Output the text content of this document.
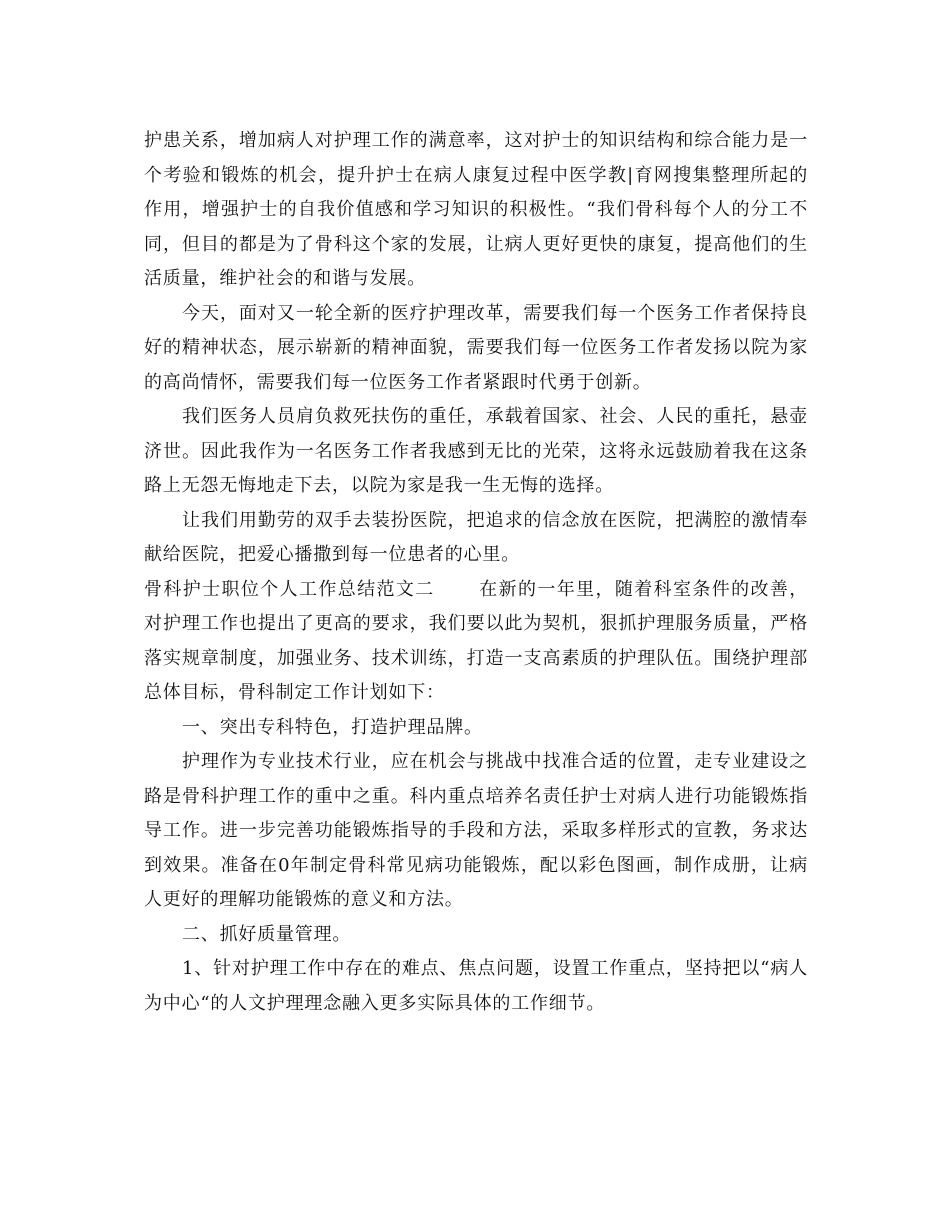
护患关系，增加病人对护理工作的满意率，这对护士的知识结构和综合能力是一个考验和锻炼的机会，提升护士在病人康复过程中医学教|育网搜集整理所起的作用，增强护士的自我价值感和学习知识的积极性。“我们骨科每个人的分工不同，但目的都是为了骨科这个家的发展，让病人更好更快的康复，提高他们的生活质量，维护社会的和谐与发展。

今天，面对又一轮全新的医疗护理改革，需要我们每一个医务工作者保持良好的精神状态，展示崭新的精神面貌，需要我们每一位医务工作者发扬以院为家的高尚情怀，需要我们每一位医务工作者紧跟时代勇于创新。

我们医务人员肩负救死扶伤的重任，承载着国家、社会、人民的重托，悬壶济世。因此我作为一名医务工作者我感到无比的光荣，这将永远鼓励着我在这条路上无怨无悔地走下去，以院为家是我一生无悔的选择。

让我们用勤劳的双手去装扮医院，把追求的信念放在医院，把满腔的激情奉献给医院，把爱心播撒到每一位患者的心里。

骨科护士职位个人工作总结范文二 在新的一年里，随着科室条件的改善，对护理工作也提出了更高的要求，我们要以此为契机，狠抓护理服务质量，严格落实规章制度，加强业务、技术训练，打造一支高素质的护理队伍。围绕护理部总体目标，骨科制定工作计划如下：

一、突出专科特色，打造护理品牌。

护理作为专业技术行业，应在机会与挑战中找准合适的位置，走专业建设之路是骨科护理工作的重中之重。科内重点培养名责任护士对病人进行功能锻炼指导工作。进一步完善功能锻炼指导的手段和方法，采取多样形式的宣教，务求达到效果。准备在0年制定骨科常见病功能锻炼，配以彩色图画，制作成册，让病人更好的理解功能锻炼的意义和方法。

二、抓好质量管理。

1、针对护理工作中存在的难点、焦点问题，设置工作重点，坚持把以“病人为中心“的人文护理理念融入更多实际具体的工作细节。
